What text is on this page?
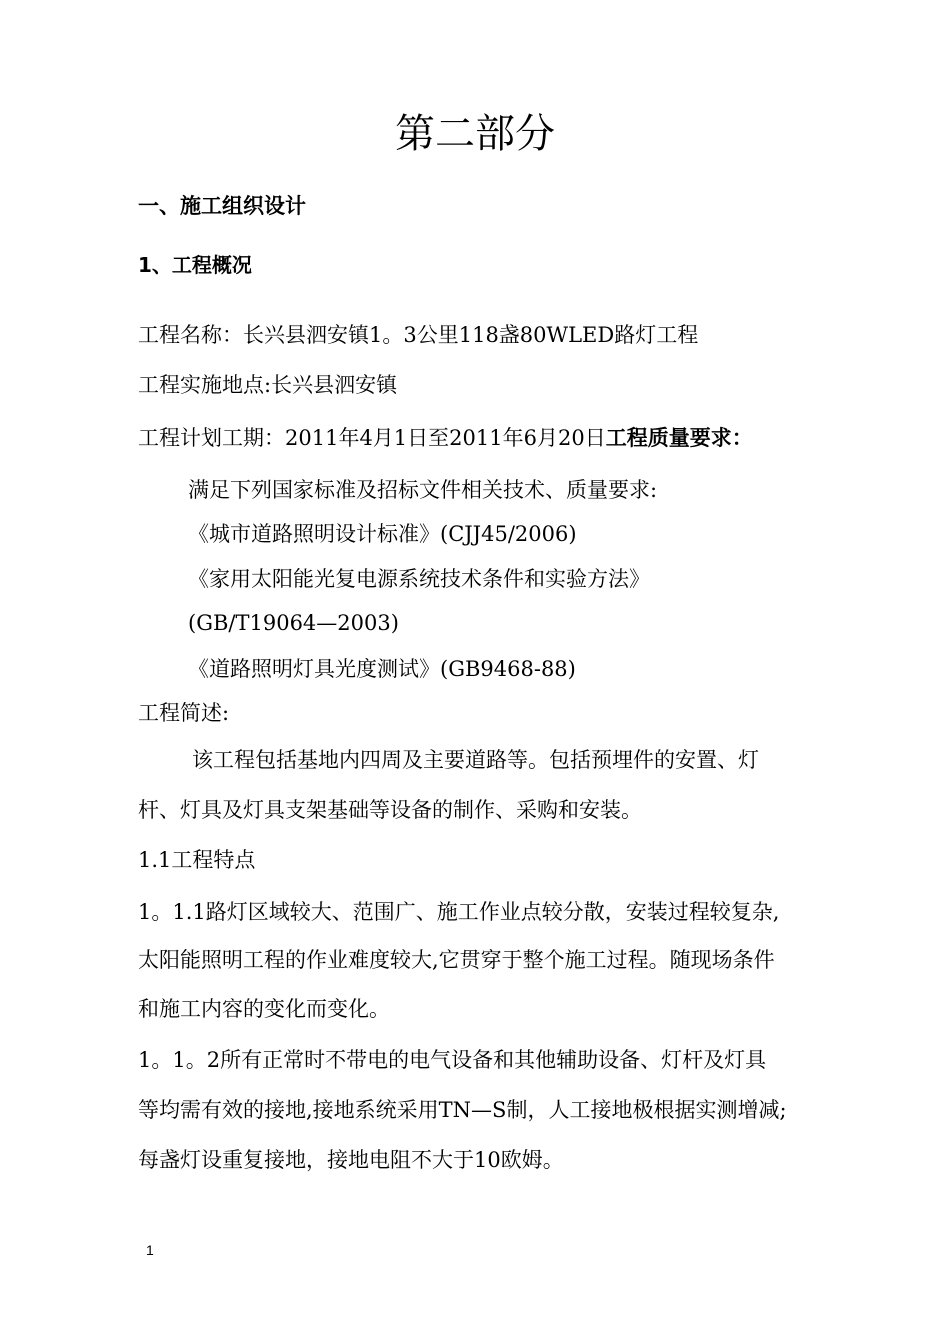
第二部分
一、施工组织设计
1、工程概况
工程名称：长兴县泗安镇1。3公里118盏80WLED路灯工程
工程实施地点:长兴县泗安镇
工程计划工期：2011年4月1日至2011年6月20日工程质量要求：
满足下列国家标准及招标文件相关技术、质量要求:
《城市道路照明设计标准》(CJJ45/2006)
《家用太阳能光复电源系统技术条件和实验方法》
(GB/T19064—2003)
《道路照明灯具光度测试》(GB9468-88)
工程简述:
该工程包括基地内四周及主要道路等。包括预埋件的安置、灯
杆、灯具及灯具支架基础等设备的制作、采购和安装。
1.1工程特点
1。1.1路灯区域较大、范围广、施工作业点较分散，安装过程较复杂,
太阳能照明工程的作业难度较大,它贯穿于整个施工过程。随现场条件
和施工内容的变化而变化。
1。1。2所有正常时不带电的电气设备和其他辅助设备、灯杆及灯具
等均需有效的接地,接地系统采用TN—S制，人工接地极根据实测增减;
每盏灯设重复接地，接地电阻不大于10欧姆。
1
